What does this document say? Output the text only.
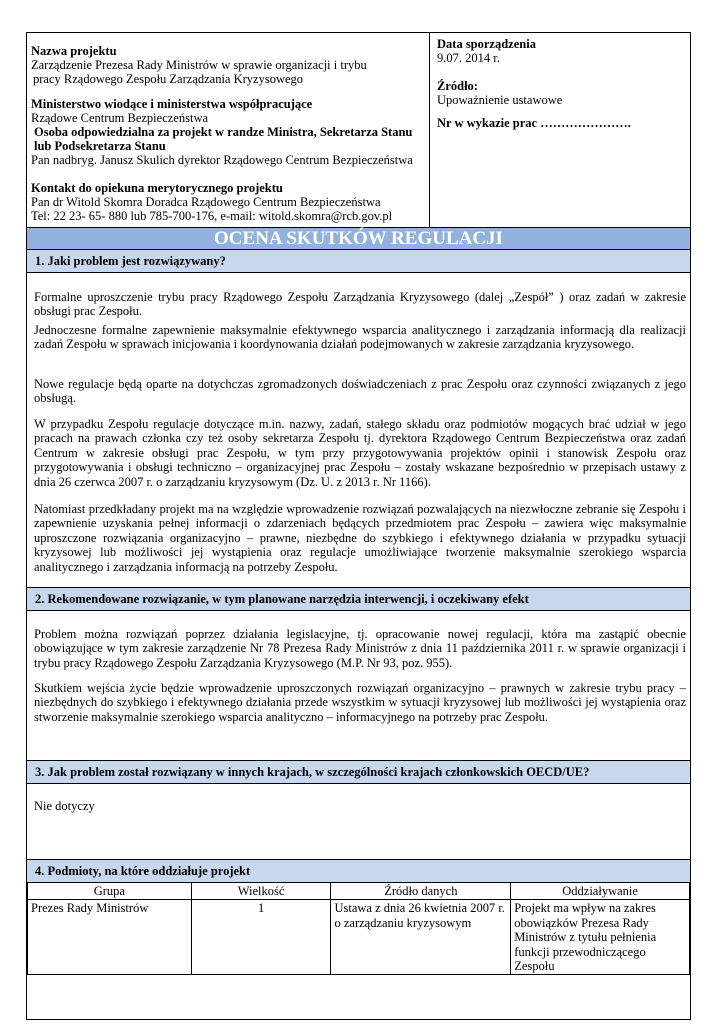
Nazwa projektu
Zarządzenie Prezesa Rady Ministrów w sprawie organizacji i trybu
pracy Rządowego Zespołu Zarządzania Kryzysowego
Ministerstwo wiodące i ministerstwa współpracujące
Rządowe Centrum Bezpieczeństwa
Osoba odpowiedzialna za projekt w randze Ministra, Sekretarza Stanu
lub Podsekretarza Stanu
Pan nadbryg. Janusz Skulich dyrektor Rządowego Centrum Bezpieczeństwa
Kontakt do opiekuna merytorycznego projektu
Pan dr Witold Skomra Doradca Rządowego Centrum Bezpieczeństwa
Tel: 22 23- 65- 880 lub 785-700-176, e-mail: witold.skomra@rcb.gov.pl
Data sporządzenia
9.07. 2014 r.
Źródło:
Upoważnienie ustawowe
Nr w wykazie prac ………………….
OCENA SKUTKÓW REGULACJI
1. Jaki problem jest rozwiązywany?
Formalne uproszczenie trybu pracy Rządowego Zespołu Zarządzania Kryzysowego (dalej „Zespół” ) oraz zadań w zakresie obsługi prac Zespołu.
Jednoczesne formalne zapewnienie maksymalnie efektywnego wsparcia analitycznego i zarządzania informacją dla realizacji zadań Zespołu w sprawach inicjowania i koordynowania działań podejmowanych w zakresie zarządzania kryzysowego.
Nowe regulacje będą oparte na dotychczas zgromadzonych doświadczeniach z prac Zespołu oraz czynności związanych z jego obsługą.
W przypadku Zespołu regulacje dotyczące m.in. nazwy, zadań, stałego składu oraz podmiotów mogących brać udział w jego pracach na prawach członka czy też osoby sekretarza Zespołu tj. dyrektora Rządowego Centrum Bezpieczeństwa oraz zadań Centrum w zakresie obsługi prac Zespołu, w tym przy przygotowywania projektów opinii i stanowisk Zespołu oraz przygotowywania i obsługi techniczno – organizacyjnej prac Zespołu – zostały wskazane bezpośrednio w przepisach ustawy z dnia 26 czerwca 2007 r. o zarządzaniu kryzysowym (Dz. U. z 2013 r. Nr 1166).
Natomiast przedkładany projekt ma na względzie wprowadzenie rozwiązań pozwalających na niezwłoczne zebranie się Zespołu i zapewnienie uzyskania pełnej informacji o zdarzeniach będących przedmiotem prac Zespołu – zawiera więc maksymalnie uproszczone rozwiązania organizacyjno – prawne, niezbędne do szybkiego i efektywnego działania w przypadku sytuacji kryzysowej lub możliwości jej wystąpienia oraz regulacje umożliwiające tworzenie maksymalnie szerokiego wsparcia analitycznego i zarządzania informacją na potrzeby Zespołu.
2. Rekomendowane rozwiązanie, w tym planowane narzędzia interwencji, i oczekiwany efekt
Problem można rozwiązań poprzez działania legislacyjne, tj. opracowanie nowej regulacji, która ma zastąpić obecnie obowiązujące w tym zakresie zarządzenie Nr 78 Prezesa Rady Ministrów z dnia 11 października 2011 r. w sprawie organizacji i trybu pracy Rządowego Zespołu Zarządzania Kryzysowego (M.P. Nr 93, poz. 955).
Skutkiem wejścia życie będzie wprowadzenie uproszczonych rozwiązań organizacyjno – prawnych w zakresie trybu pracy – niezbędnych do szybkiego i efektywnego działania przede wszystkim w sytuacji kryzysowej lub możliwości jej wystąpienia oraz stworzenie maksymalnie szerokiego wsparcia analityczno – informacyjnego na potrzeby prac Zespołu.
3. Jak problem został rozwiązany w innych krajach, w szczególności krajach członkowskich OECD/UE?
Nie dotyczy
4. Podmioty, na które oddziałuje projekt
Grupa	Wielkość	Źródło danych	Oddziaływanie
Prezes Rady Ministrów	1	Ustawa z dnia 26 kwietnia 2007 r. o zarządzaniu kryzysowym	Projekt ma wpływ na zakres obowiązków Prezesa Rady Ministrów z tytułu pełnienia funkcji przewodniczącego Zespołu
